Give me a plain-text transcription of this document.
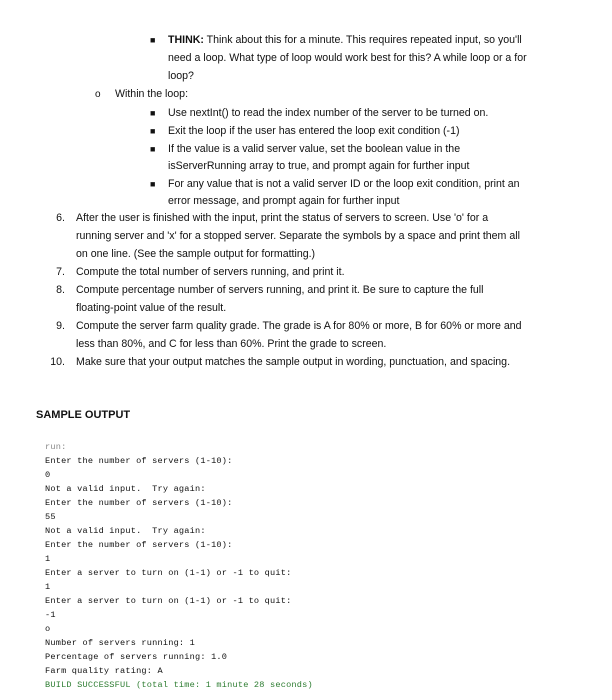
■ THINK: Think about this for a minute. This requires repeated input, so you'll
need a loop. What type of loop would work best for this? A while loop or a for
loop?
o Within the loop:
■ Use nextInt() to read the index number of the server to be turned on.
■ Exit the loop if the user has entered the loop exit condition (-1)
■ If the value is a valid server value, set the boolean value in the
isServerRunning array to true, and prompt again for further input
■ For any value that is not a valid server ID or the loop exit condition, print an
error message, and prompt again for further input
6. After the user is finished with the input, print the status of servers to screen. Use 'o' for a
running server and 'x' for a stopped server. Separate the symbols by a space and print them all
on one line. (See the sample output for formatting.)
7. Compute the total number of servers running, and print it.
8. Compute percentage number of servers running, and print it. Be sure to capture the full
floating-point value of the result.
9. Compute the server farm quality grade. The grade is A for 80% or more, B for 60% or more and
less than 80%, and C for less than 60%. Print the grade to screen.
10. Make sure that your output matches the sample output in wording, punctuation, and spacing.
SAMPLE OUTPUT
run:
Enter the number of servers (1-10):
0
Not a valid input.  Try again:
Enter the number of servers (1-10):
55
Not a valid input.  Try again:
Enter the number of servers (1-10):
1
Enter a server to turn on (1-1) or -1 to quit:
1
Enter a server to turn on (1-1) or -1 to quit:
-1
o
Number of servers running: 1
Percentage of servers running: 1.0
Farm quality rating: A
BUILD SUCCESSFUL (total time: 1 minute 28 seconds)
